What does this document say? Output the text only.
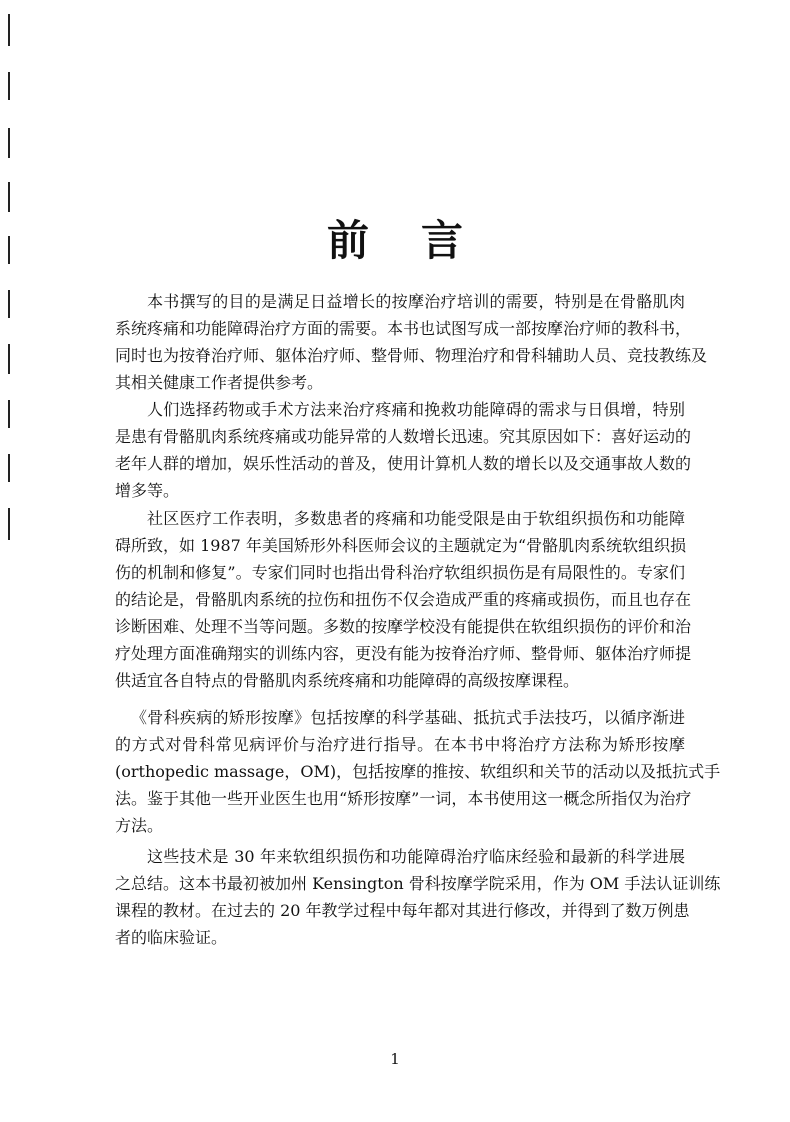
前言
本书撰写的目的是满足日益增长的按摩治疗培训的需要，特别是在骨骼肌肉
系统疼痛和功能障碍治疗方面的需要。本书也试图写成一部按摩治疗师的教科书，
同时也为按脊治疗师、躯体治疗师、整骨师、物理治疗和骨科辅助人员、竞技教练及
其相关健康工作者提供参考。
人们选择药物或手术方法来治疗疼痛和挽救功能障碍的需求与日俱增，特别
是患有骨骼肌肉系统疼痛或功能异常的人数增长迅速。究其原因如下：喜好运动的
老年人群的增加，娱乐性活动的普及，使用计算机人数的增长以及交通事故人数的
增多等。
社区医疗工作表明，多数患者的疼痛和功能受限是由于软组织损伤和功能障
碍所致，如 1987 年美国矫形外科医师会议的主题就定为“骨骼肌肉系统软组织损
伤的机制和修复”。专家们同时也指出骨科治疗软组织损伤是有局限性的。专家们
的结论是，骨骼肌肉系统的拉伤和扭伤不仅会造成严重的疼痛或损伤，而且也存在
诊断困难、处理不当等问题。多数的按摩学校没有能提供在软组织损伤的评价和治
疗处理方面准确翔实的训练内容，更没有能为按脊治疗师、整骨师、躯体治疗师提
供适宜各自特点的骨骼肌肉系统疼痛和功能障碍的高级按摩课程。
《骨科疾病的矫形按摩》包括按摩的科学基础、抵抗式手法技巧，以循序渐进
的方式对骨科常见病评价与治疗进行指导。在本书中将治疗方法称为矫形按摩
(orthopedic massage，OM)，包括按摩的推按、软组织和关节的活动以及抵抗式手
法。鉴于其他一些开业医生也用“矫形按摩”一词，本书使用这一概念所指仅为治疗
方法。
这些技术是 30 年来软组织损伤和功能障碍治疗临床经验和最新的科学进展
之总结。这本书最初被加州 Kensington 骨科按摩学院采用，作为 OM 手法认证训练
课程的教材。在过去的 20 年教学过程中每年都对其进行修改，并得到了数万例患
者的临床验证。
1
